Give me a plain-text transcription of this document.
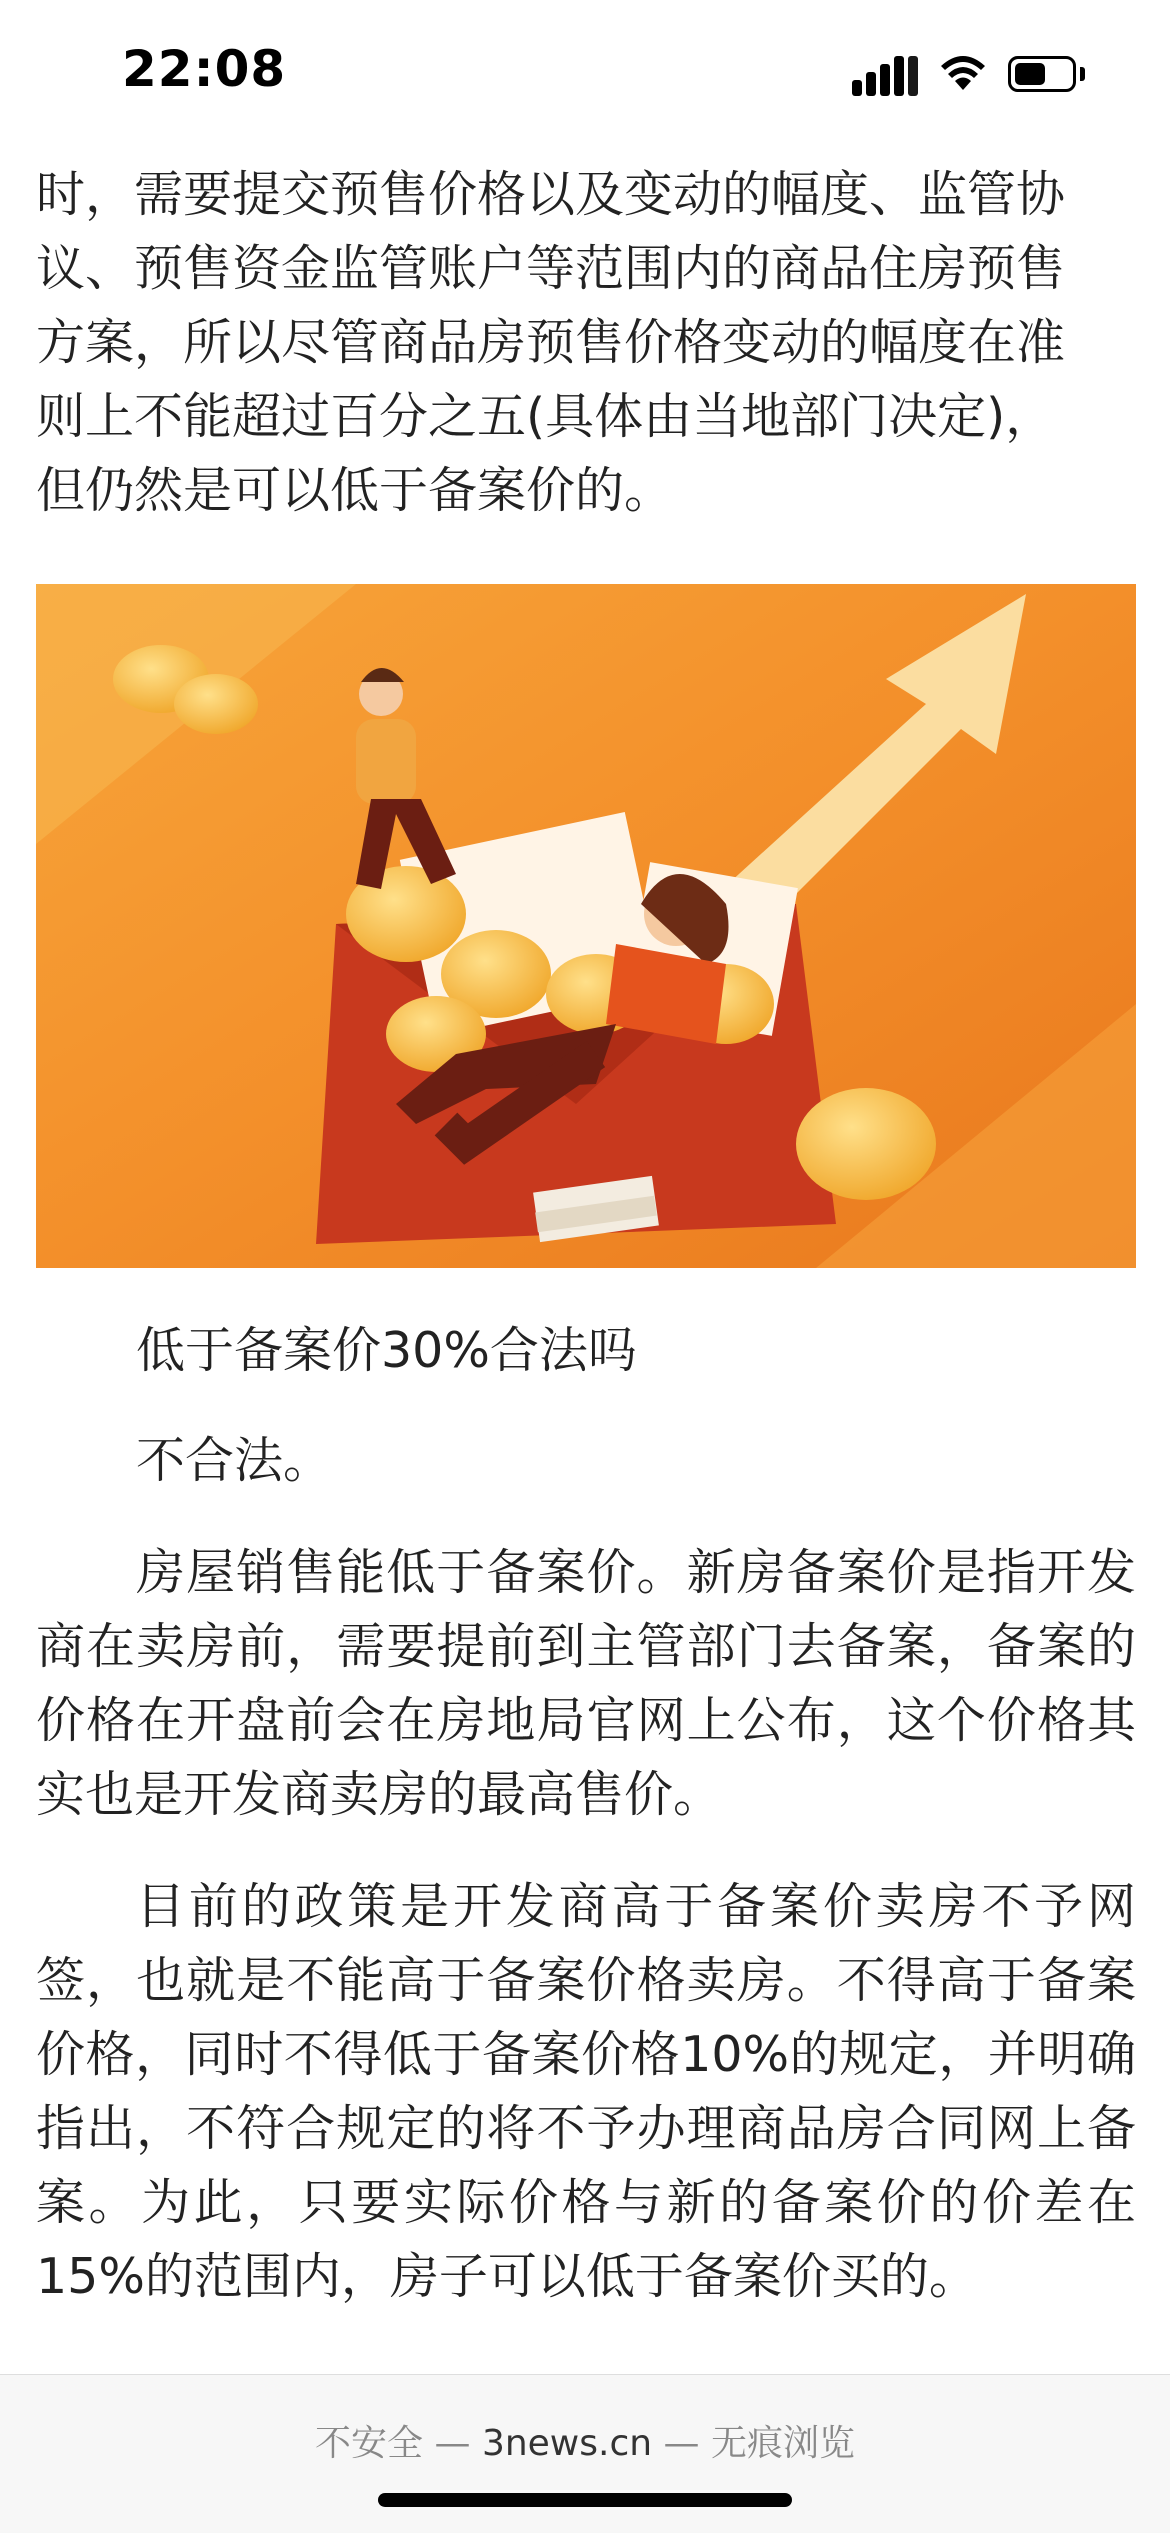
时，需要提交预售价格以及变动的幅度、监管协

议、预售资金监管账户等范围内的商品住房预售

方案，所以尽管商品房预售价格变动的幅度在准

则上不能超过百分之五(具体由当地部门决定)，

但仍然是可以低于备案价的。

22:08
低于备案价30%合法吗
不合法。
房屋销售能低于备案价。新房备案价是指开发商在卖房前，需要提前到主管部门去备案，备案的价格在开盘前会在房地局官网上公布，这个价格其实也是开发商卖房的最高售价。
目前的政策是开发商高于备案价卖房不予网签，也就是不能高于备案价格卖房。不得高于备案价格，同时不得低于备案价格10%的规定，并明确指出，不符合规定的将不予办理商品房合同网上备案。为此，只要实际价格与新的备案价的价差在15%的范围内，房子可以低于备案价买的。
不安全 — 3news.cn — 无痕浏览
